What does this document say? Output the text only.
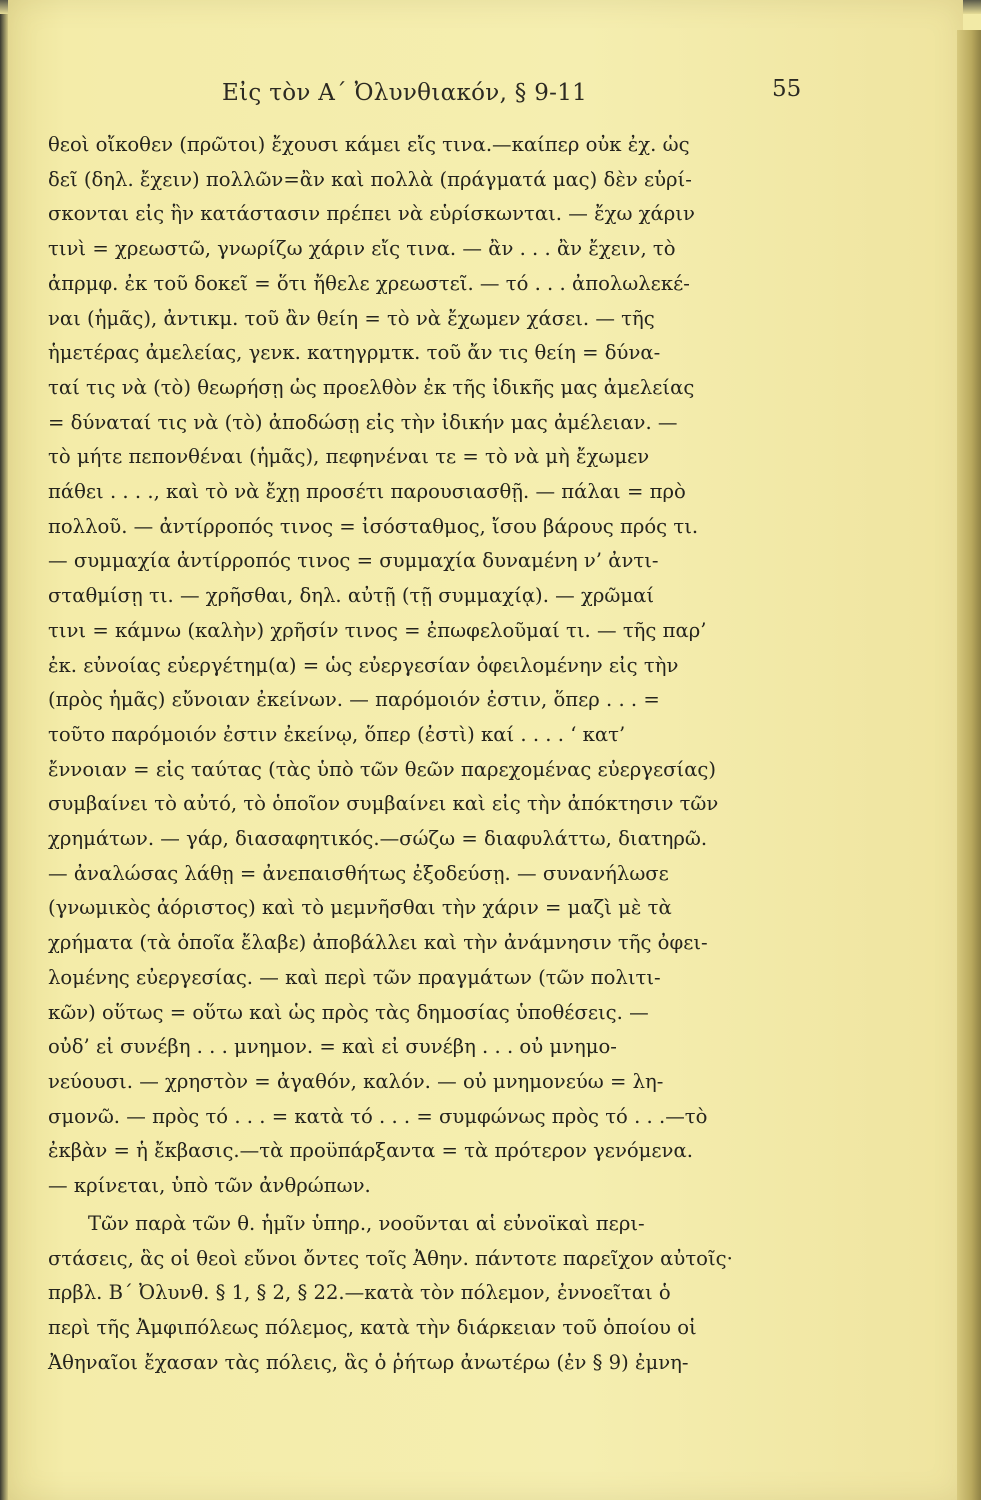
Εἰς τὸν Α΄ Ὀλυνθιακόν, § 9-11	55
θεοὶ οἴκοθεν (πρῶτοι) ἔχουσι κάμει εἴς τινα.—καίπερ οὐκ ἐχ. ὡς
δεῖ (δηλ. ἔχειν) πολλῶν=ἂν καὶ πολλὰ (πράγματά μας) δὲν εὑρί-
σκονται εἰς ἣν κατάστασιν πρέπει νὰ εὑρίσκωνται. — ἔχω χάριν
τινὶ = χρεωστῶ, γνωρίζω χάριν εἴς τινα. — ἂν . . . ἂν ἔχειν, τὸ
ἀπρμφ. ἐκ τοῦ δοκεῖ = ὅτι ἤθελε χρεωστεῖ. — τό . . . ἀπολωλεκέ-
ναι (ἡμᾶς), ἀντικμ. τοῦ ἂν θείη = τὸ νὰ ἔχωμεν χάσει. — τῆς
ἡμετέρας ἀμελείας, γενκ. κατηγρμτκ. τοῦ ἄν τις θείη = δύνα-
ταί τις νὰ (τὸ) θεωρήσῃ ὡς προελθὸν ἐκ τῆς ἰδικῆς μας ἀμελείας
= δύναταί τις νὰ (τὸ) ἀποδώσῃ εἰς τὴν ἰδικήν μας ἀμέλειαν. —
τὸ μήτε πεπονθέναι (ἡμᾶς), πεφηνέναι τε = τὸ νὰ μὴ ἔχωμεν
πάθει . . . ., καὶ τὸ νὰ ἔχῃ προσέτι παρουσιασθῇ. — πάλαι = πρὸ
πολλοῦ. — ἀντίρροπός τινος = ἰσόσταθμος, ἴσου βάρους πρός τι.
— συμμαχία ἀντίρροπός τινος = συμμαχία δυναμένη ν’ ἀντι-
σταθμίσῃ τι. — χρῆσθαι, δηλ. αὐτῇ (τῇ συμμαχίᾳ). — χρῶμαί
τινι = κάμνω (καλὴν) χρῆσίν τινος = ἐπωφελοῦμαί τι. — τῆς παρ’
ἐκ. εὐνοίας εὐεργέτημ(α) = ὡς εὐεργεσίαν ὀφειλομένην εἰς τὴν
(πρὸς ἡμᾶς) εὔνοιαν ἐκείνων. — παρόμοιόν ἐστιν, ὅπερ . . . =
τοῦτο παρόμοιόν ἐστιν ἐκείνῳ, ὅπερ (ἐστὶ) καί . . . . ‘ κατ’
ἔννοιαν = εἰς ταύτας (τὰς ὑπὸ τῶν θεῶν παρεχομένας εὐεργεσίας)
συμβαίνει τὸ αὐτό, τὸ ὁποῖον συμβαίνει καὶ εἰς τὴν ἀπόκτησιν τῶν
χρημάτων. — γάρ, διασαφητικός.—σώζω = διαφυλάττω, διατηρῶ.
— ἀναλώσας λάθῃ = ἀνεπαισθήτως ἐξοδεύσῃ. — συνανήλωσε
(γνωμικὸς ἀόριστος) καὶ τὸ μεμνῆσθαι τὴν χάριν = μαζὶ μὲ τὰ
χρήματα (τὰ ὁποῖα ἔλαβε) ἀποβάλλει καὶ τὴν ἀνάμνησιν τῆς ὀφει-
λομένης εὐεργεσίας. — καὶ περὶ τῶν πραγμάτων (τῶν πολιτι-
κῶν) οὕτως = οὕτω καὶ ὡς πρὸς τὰς δημοσίας ὑποθέσεις. —
οὐδ’ εἰ συνέβη . . . μνημον. = καὶ εἰ συνέβη . . . οὐ μνημο-
νεύουσι. — χρηστὸν = ἀγαθόν, καλόν. — οὐ μνημονεύω = λη-
σμονῶ. — πρὸς τό . . . = κατὰ τό . . . = συμφώνως πρὸς τό . . .—τὸ
ἐκβὰν = ἡ ἔκβασις.—τὰ προϋπάρξαντα = τὰ πρότερον γενόμενα.
— κρίνεται, ὑπὸ τῶν ἀνθρώπων.
Τῶν παρὰ τῶν θ. ἡμῖν ὑπηρ., νοοῦνται αἱ εὐνοϊκαὶ περι-
στάσεις, ἃς οἱ θεοὶ εὔνοι ὄντες τοῖς Ἀθην. πάντοτε παρεῖχον αὐτοῖς·
πρβλ. Β΄ Ὀλυνθ. § 1, § 2, § 22.—κατὰ τὸν πόλεμον, ἐννοεῖται ὁ
περὶ τῆς Ἀμφιπόλεως πόλεμος, κατὰ τὴν διάρκειαν τοῦ ὁποίου οἱ
Ἀθηναῖοι ἔχασαν τὰς πόλεις, ἃς ὁ ῥήτωρ ἀνωτέρω (ἐν § 9) ἐμνη-
